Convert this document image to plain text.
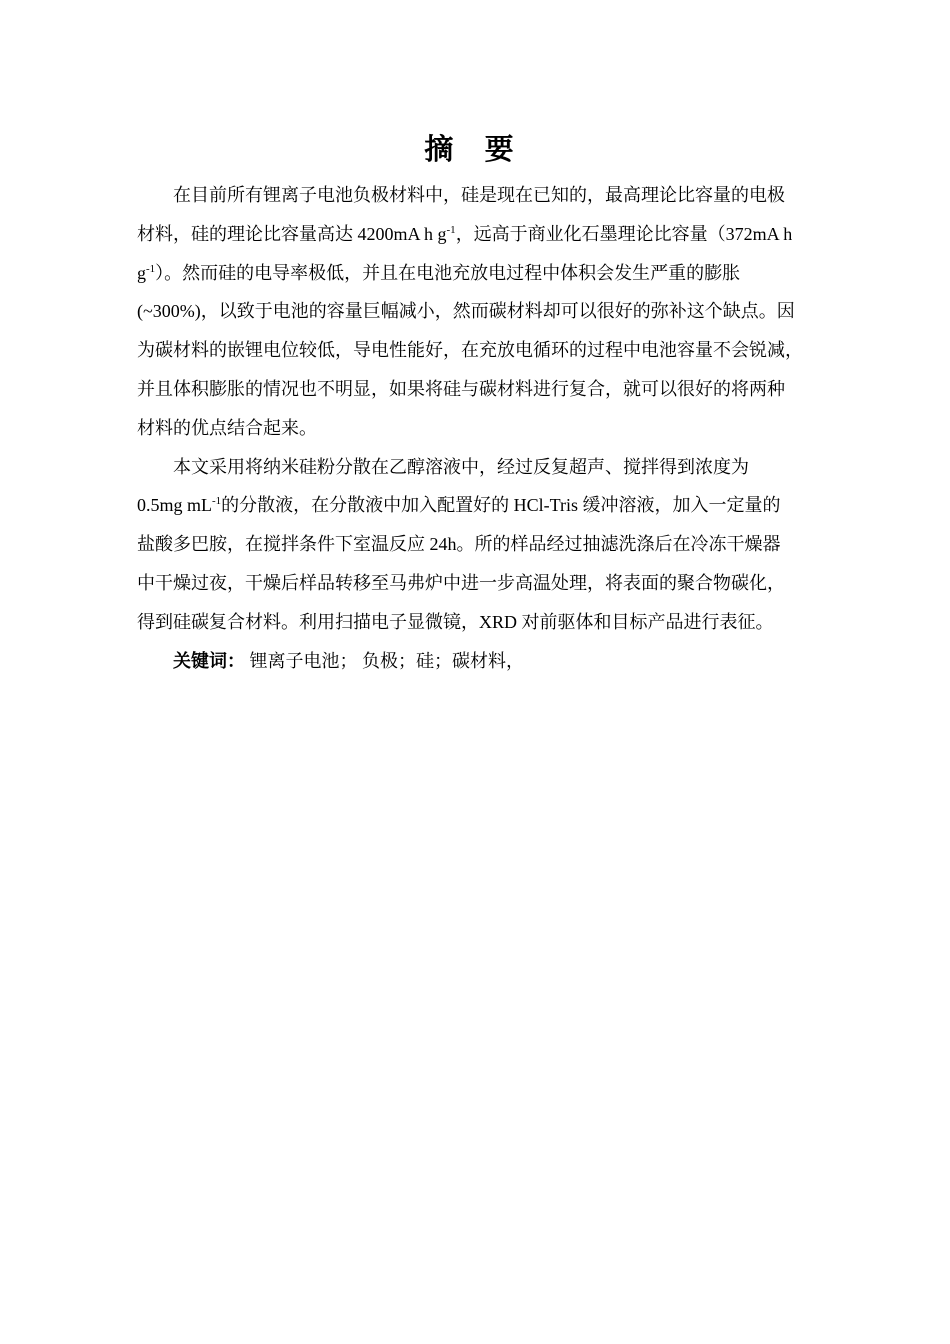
摘 要
在目前所有锂离子电池负极材料中，硅是现在已知的，最高理论比容量的电极
材料，硅的理论比容量高达 4200mA h $g^{-1}$，远高于商业化石墨理论比容量（372mA h
$g^{-1}$）。然而硅的电导率极低，并且在电池充放电过程中体积会发生严重的膨胀
(~300%)，以致于电池的容量巨幅减小，然而碳材料却可以很好的弥补这个缺点。因
为碳材料的嵌锂电位较低，导电性能好，在充放电循环的过程中电池容量不会锐减，
并且体积膨胀的情况也不明显，如果将硅与碳材料进行复合，就可以很好的将两种
材料的优点结合起来。
本文采用将纳米硅粉分散在乙醇溶液中，经过反复超声、搅拌得到浓度为
0.5mg $mL^{-1}$的分散液，在分散液中加入配置好的 HCl-Tris 缓冲溶液，加入一定量的
盐酸多巴胺，在搅拌条件下室温反应 24h。所的样品经过抽滤洗涤后在冷冻干燥器
中干燥过夜，干燥后样品转移至马弗炉中进一步高温处理，将表面的聚合物碳化，
得到硅碳复合材料。利用扫描电子显微镜，XRD 对前驱体和目标产品进行表征。
关键词： 锂离子电池； 负极；硅；碳材料，
